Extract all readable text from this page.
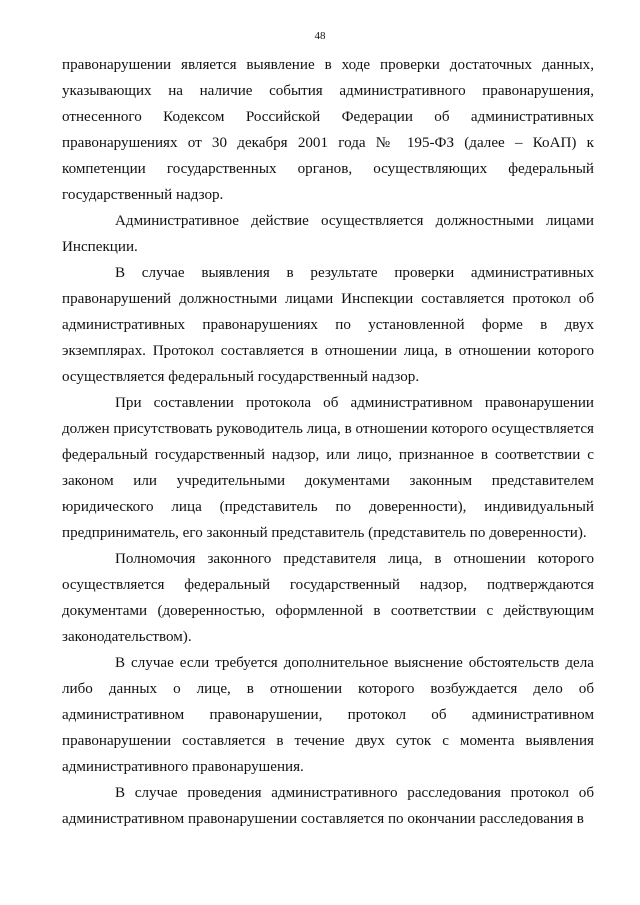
48

правонарушении является выявление в ходе проверки достаточных данных, указывающих на наличие события административного правонарушения, отнесенного Кодексом Российской Федерации об административных правонарушениях от 30 декабря 2001 года № 195-ФЗ (далее – КоАП) к компетенции государственных органов, осуществляющих федеральный государственный надзор.

Административное действие осуществляется должностными лицами Инспекции.

В случае выявления в результате проверки административных правонарушений должностными лицами Инспекции составляется протокол об административных правонарушениях по установленной форме в двух экземплярах. Протокол составляется в отношении лица, в отношении которого осуществляется федеральный государственный надзор.

При составлении протокола об административном правонарушении должен присутствовать руководитель лица, в отношении которого осуществляется федеральный государственный надзор, или лицо, признанное в соответствии с законом или учредительными документами законным представителем юридического лица (представитель по доверенности), индивидуальный предприниматель, его законный представитель (представитель по доверенности).

Полномочия законного представителя лица, в отношении которого осуществляется федеральный государственный надзор, подтверждаются документами (доверенностью, оформленной в соответствии с действующим законодательством).

В случае если требуется дополнительное выяснение обстоятельств дела либо данных о лице, в отношении которого возбуждается дело об административном правонарушении, протокол об административном правонарушении составляется в течение двух суток с момента выявления административного правонарушения.

В случае проведения административного расследования протокол об административном правонарушении составляется по окончании расследования в
